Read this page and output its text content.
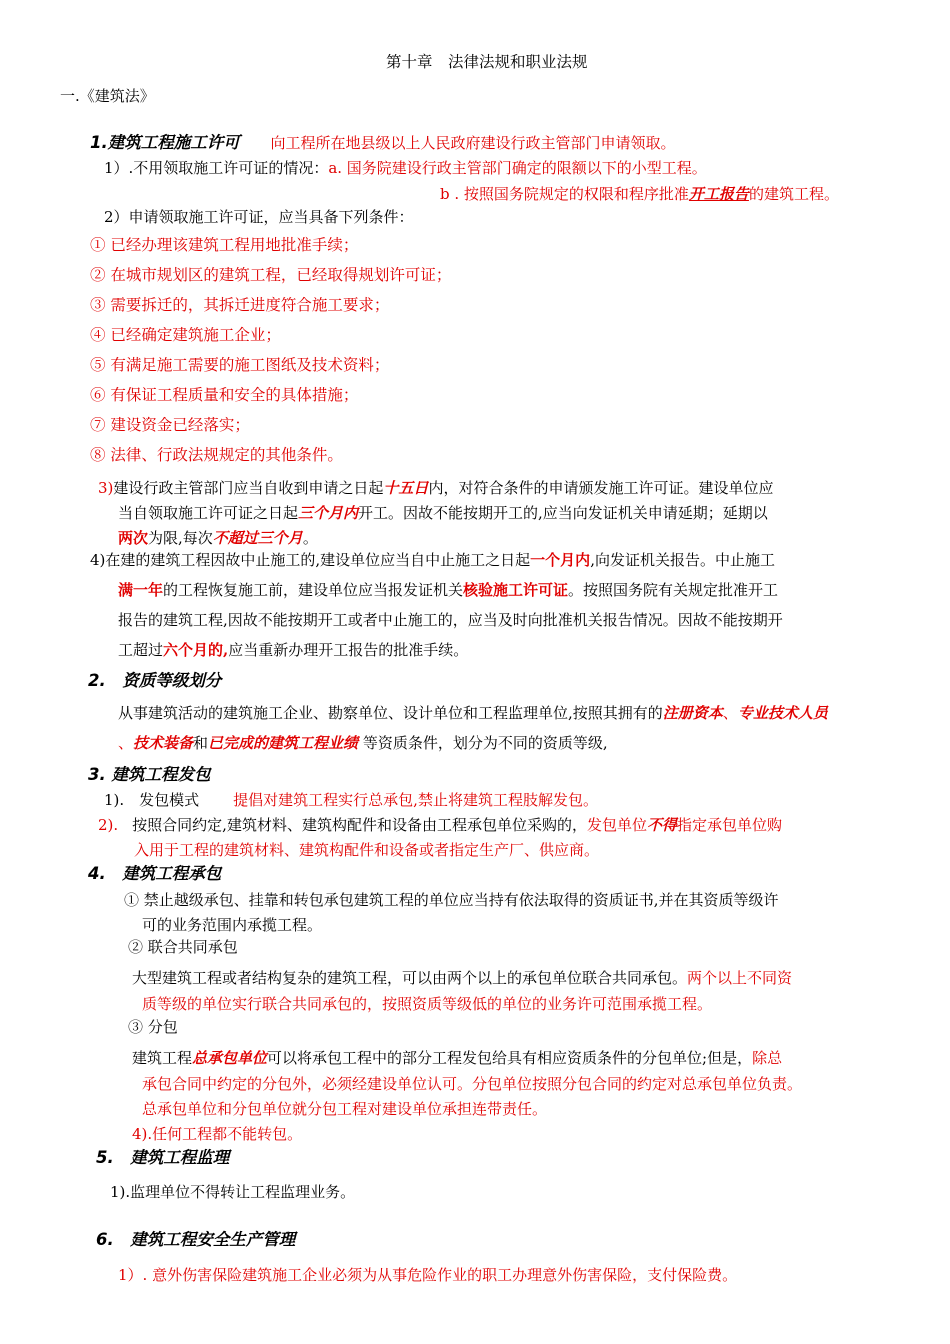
第十章　法律法规和职业法规
一.《建筑法》
1.建筑工程施工许可 向工程所在地县级以上人民政府建设行政主管部门申请领取。
1）.不用领取施工许可证的情况：a. 国务院建设行政主管部门确定的限额以下的小型工程。
b . 按照国务院规定的权限和程序批准开工报告的建筑工程。
2）申请领取施工许可证，应当具备下列条件：
① 已经办理该建筑工程用地批准手续；
② 在城市规划区的建筑工程，已经取得规划许可证；
③ 需要拆迁的，其拆迁进度符合施工要求；
④ 已经确定建筑施工企业；
⑤ 有满足施工需要的施工图纸及技术资料；
⑥ 有保证工程质量和安全的具体措施；
⑦ 建设资金已经落实；
⑧ 法律、行政法规规定的其他条件。
3)建设行政主管部门应当自收到申请之日起十五日内，对符合条件的申请颁发施工许可证。建设单位应
当自领取施工许可证之日起三个月内开工。因故不能按期开工的,应当向发证机关申请延期；延期以
两次为限,每次不超过三个月。
4)在建的建筑工程因故中止施工的,建设单位应当自中止施工之日起一个月内,向发证机关报告。中止施工
满一年的工程恢复施工前，建设单位应当报发证机关核验施工许可证。按照国务院有关规定批准开工
报告的建筑工程,因故不能按期开工或者中止施工的，应当及时向批准机关报告情况。因故不能按期开
工超过六个月的,应当重新办理开工报告的批准手续。
2.　资质等级划分
从事建筑活动的建筑施工企业、勘察单位、设计单位和工程监理单位,按照其拥有的注册资本、专业技术人员
、技术装备和已完成的建筑工程业绩 等资质条件，划分为不同的资质等级,
3. 建筑工程发包
1).　发包模式 提倡对建筑工程实行总承包,禁止将建筑工程肢解发包。
2). 按照合同约定,建筑材料、建筑构配件和设备由工程承包单位采购的，发包单位不得指定承包单位购
入用于工程的建筑材料、建筑构配件和设备或者指定生产厂、供应商。
4.　建筑工程承包
① 禁止越级承包、挂靠和转包承包建筑工程的单位应当持有依法取得的资质证书,并在其资质等级许
可的业务范围内承揽工程。
② 联合共同承包
大型建筑工程或者结构复杂的建筑工程，可以由两个以上的承包单位联合共同承包。两个以上不同资
质等级的单位实行联合共同承包的，按照资质等级低的单位的业务许可范围承揽工程。
③ 分包
建筑工程总承包单位可以将承包工程中的部分工程发包给具有相应资质条件的分包单位;但是，除总
承包合同中约定的分包外，必须经建设单位认可。分包单位按照分包合同的约定对总承包单位负责。
总承包单位和分包单位就分包工程对建设单位承担连带责任。
4).任何工程都不能转包。
5.　建筑工程监理
1).监理单位不得转让工程监理业务。
6.　建筑工程安全生产管理
1）. 意外伤害保险建筑施工企业必须为从事危险作业的职工办理意外伤害保险，支付保险费。
